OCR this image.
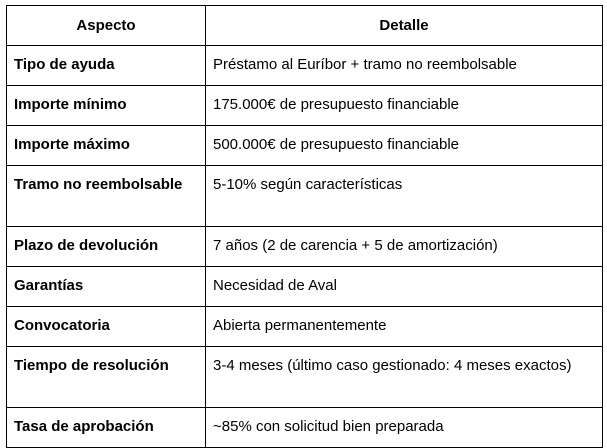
Aspecto	Detalle
Tipo de ayuda	Préstamo al Euríbor + tramo no reembolsable
Importe mínimo	175.000€ de presupuesto financiable
Importe máximo	500.000€ de presupuesto financiable
Tramo no reembolsable	5-10% según características
Plazo de devolución	7 años (2 de carencia + 5 de amortización)
Garantías	Necesidad de Aval
Convocatoria	Abierta permanentemente
Tiempo de resolución	3-4 meses (último caso gestionado: 4 meses exactos)
Tasa de aprobación	~85% con solicitud bien preparada
